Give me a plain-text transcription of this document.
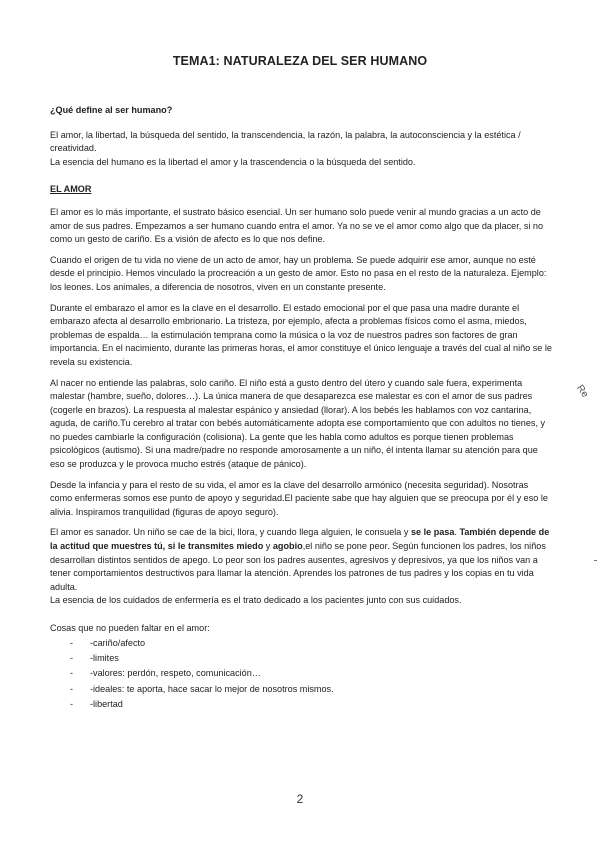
TEMA1: NATURALEZA DEL SER HUMANO

¿Qué define al ser humano?

El amor, la libertad, la búsqueda del sentido, la transcendencia, la razón, la palabra, la autoconsciencia y la estética / creatividad.
La esencia del humano es la libertad el amor y la trascendencia o la búsqueda del sentido.

EL AMOR

El amor es lo más importante, el sustrato básico esencial. Un ser humano solo puede venir al mundo gracias a un acto de amor de sus padres. Empezamos a ser humano cuando entra el amor. Ya no se ve el amor como algo que da placer, si no como un gesto de cariño. Es a visión de afecto es lo que nos define.

Cuando el origen de tu vida no viene de un acto de amor, hay un problema. Se puede adquirir ese amor, aunque no esté desde el principio. Hemos vinculado la procreación a un gesto de amor. Esto no pasa en el resto de la naturaleza. Ejemplo: los leones. Los animales, a diferencia de nosotros, viven en un constante presente.

Durante el embarazo el amor es la clave en el desarrollo. El estado emocional por el que pasa una madre durante el embarazo afecta al desarrollo embrionario. La tristeza, por ejemplo, afecta a problemas físicos como el asma, miedos, problemas de espalda… la estimulación temprana como la música o la voz de nuestros padres son factores de gran importancia. En el nacimiento, durante las primeras horas, el amor constituye el único lenguaje a través del cual al niño se le revela su existencia.

Al nacer no entiende las palabras, solo cariño. El niño está a gusto dentro del útero y cuando sale fuera, experimenta malestar (hambre, sueño, dolores…). La única manera de que desaparezca ese malestar es con el amor de sus padres (cogerle en brazos). La respuesta al malestar espánico y ansiedad (llorar). A los bebés les hablamos con voz cantarina, aguda, de cariño.Tu cerebro al tratar con bebés automáticamente adopta ese comportamiento que con adultos no tienes, y no puedes cambiarle la configuración (colisiona). La gente que les habla como adultos es porque tienen problemas psicológicos (autismo). Si una madre/padre no responde amorosamente a un niño, él intenta llamar su atención para que eso se produzca y le provoca mucho estrés (ataque de pánico).

Desde la infancia y para el resto de su vida, el amor es la clave del desarrollo armónico (necesita seguridad). Nosotras como enfermeras somos ese punto de apoyo y seguridad.El paciente sabe que hay alguien que se preocupa por él y eso le alivia. Inspiramos tranquilidad (figuras de apoyo seguro).

El amor es sanador. Un niño se cae de la bici, llora, y cuando llega alguien, le consuela y se le pasa. También depende de la actitud que muestres tú, si le transmites miedo y agobio,el niño se pone peor. Según funcionen los padres, los niños desarrollan distintos sentidos de apego. Lo peor son los padres ausentes, agresivos y depresivos, ya que los niños van a tener comportamientos destructivos para llamar la atención. Aprendes los patrones de tus padres y los copias en tu vida adulta.

La esencia de los cuidados de enfermería es el trato dedicado a los pacientes junto con sus cuidados.

Cosas que no pueden faltar en el amor:

- -cariño/afecto
- -limites
- -valores: perdón, respeto, comunicación…
- -ideales: te aporta, hace sacar lo mejor de nosotros mismos.
- -libertad
2
Re
